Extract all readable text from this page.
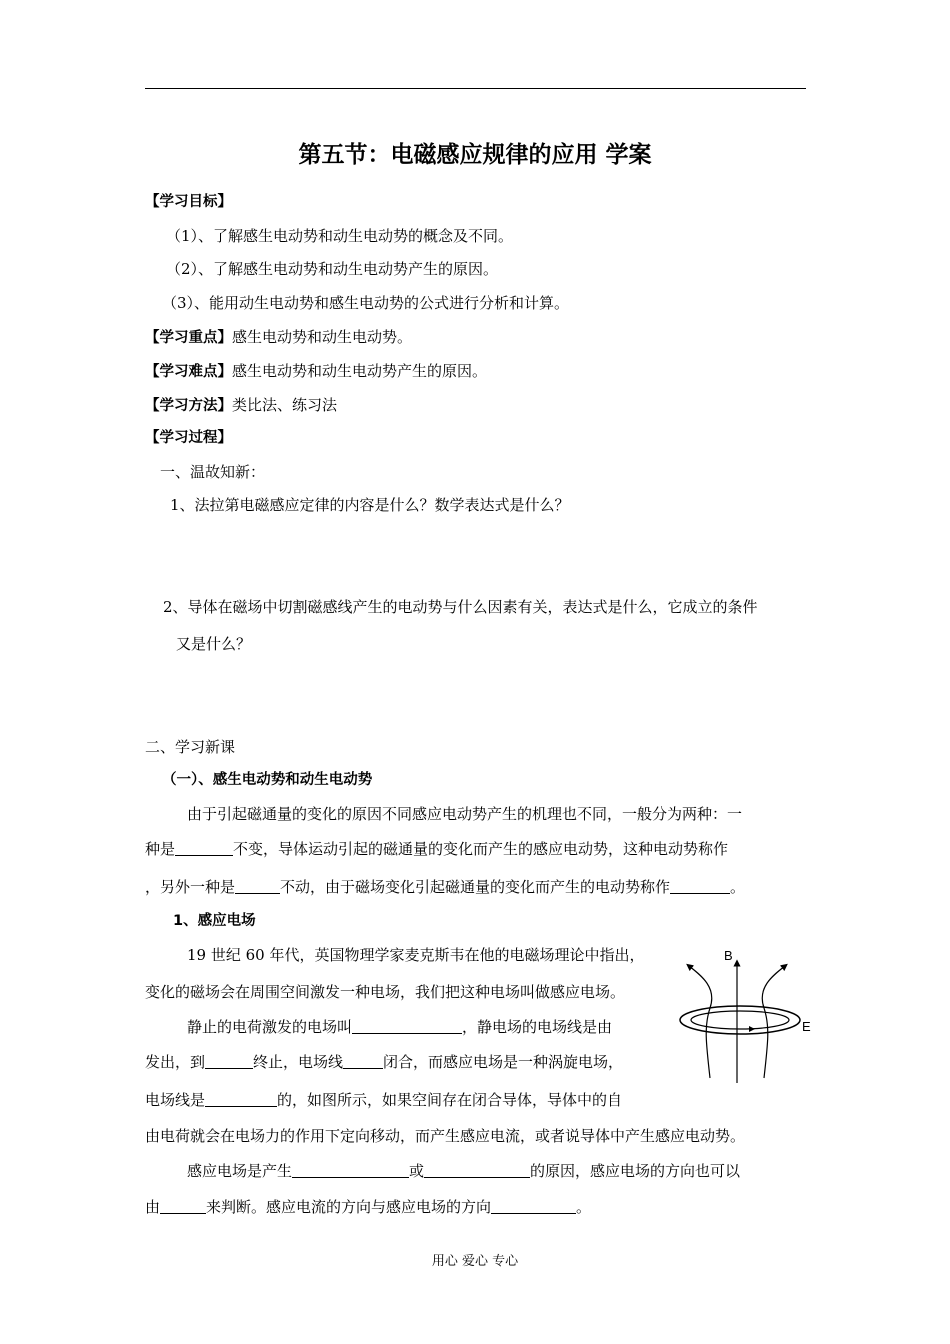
第五节：电磁感应规律的应用 学案
【学习目标】
（1）、了解感生电动势和动生电动势的概念及不同。
（2）、了解感生电动势和动生电动势产生的原因。
（3）、能用动生电动势和感生电动势的公式进行分析和计算。
【学习重点】感生电动势和动生电动势。
【学习难点】感生电动势和动生电动势产生的原因。
【学习方法】类比法、练习法
【学习过程】
一、温故知新：
1、法拉第电磁感应定律的内容是什么？数学表达式是什么？
2、导体在磁场中切割磁感线产生的电动势与什么因素有关，表达式是什么，它成立的条件
又是什么？
二、学习新课
（一）、感生电动势和动生电动势
由于引起磁通量的变化的原因不同感应电动势产生的机理也不同，一般分为两种：一
种是	不变，导体运动引起的磁通量的变化而产生的感应电动势，这种电动势称作
，另外一种是	不动，由于磁场变化引起磁通量的变化而产生的电动势称作	。
1、感应电场
19 世纪 60 年代，英国物理学家麦克斯韦在他的电磁场理论中指出，
变化的磁场会在周围空间激发一种电场，我们把这种电场叫做感应电场。
静止的电荷激发的电场叫	，静电场的电场线是由
发出，到	终止，电场线	闭合，而感应电场是一种涡旋电场，
电场线是	的，如图所示，如果空间存在闭合导体，导体中的自
由电荷就会在电场力的作用下定向移动，而产生感应电流，或者说导体中产生感应电动势。
感应电场是产生	或	的原因，感应电场的方向也可以
由	来判断。感应电流的方向与感应电场的方向	。
B
E
用心 爱心 专心
